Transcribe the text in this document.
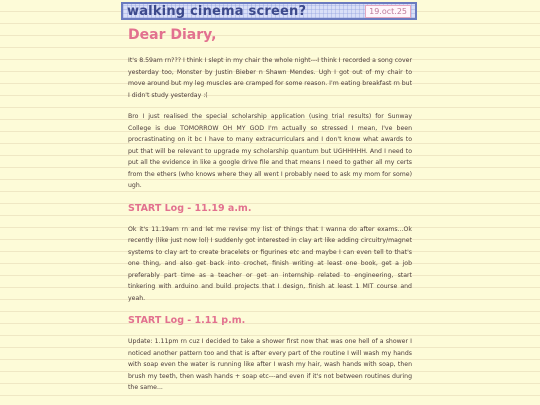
walking cinema screen?	19.oct.25
Dear Diary,

It's 8.59am rn??? I think I slept in my chair the whole night---I think I recorded a song cover yesterday too, Monster by Justin Bieber n Shawn Mendes. Ugh I got out of my chair to move around but my leg muscles are cramped for some reason. I'm eating breakfast rn but I didn't study yesterday :(

Bro I just realised the special scholarship application (using trial results) for Sunway College is due TOMORROW OH MY GOD I'm actually so stressed I mean, I've been procrastinating on it bc I have to many extracurriculars and I don't know what awards to put that will be relevant to upgrade my scholarship quantum but UGHHHHH. And I need to put all the evidence in like a google drive file and that means I need to gather all my certs from the ethers (who knows where they all went I probably need to ask my mom for some) ugh.

START Log - 11.19 a.m.

Ok it's 11.19am rn and let me revise my list of things that I wanna do after exams...Ok recently (like just now lol) I suddenly got interested in clay art like adding circuitry/magnet systems to clay art to create bracelets or figurines etc and maybe I can even tell to that's one thing, and also get back into crochet, finish writing at least one book, get a job preferably part time as a teacher or get an internship related to engineering, start tinkering with arduino and build projects that I design, finish at least 1 MIT course and yeah.

START Log - 1.11 p.m.

Update: 1.11pm rn cuz I decided to take a shower first now that was one hell of a shower I noticed another pattern too and that is after every part of the routine I will wash my hands with soap even the water is running like after I wash my hair, wash hands with soap, then brush my teeth, then wash hands + soap etc---and even if it's not between routines during the same...
